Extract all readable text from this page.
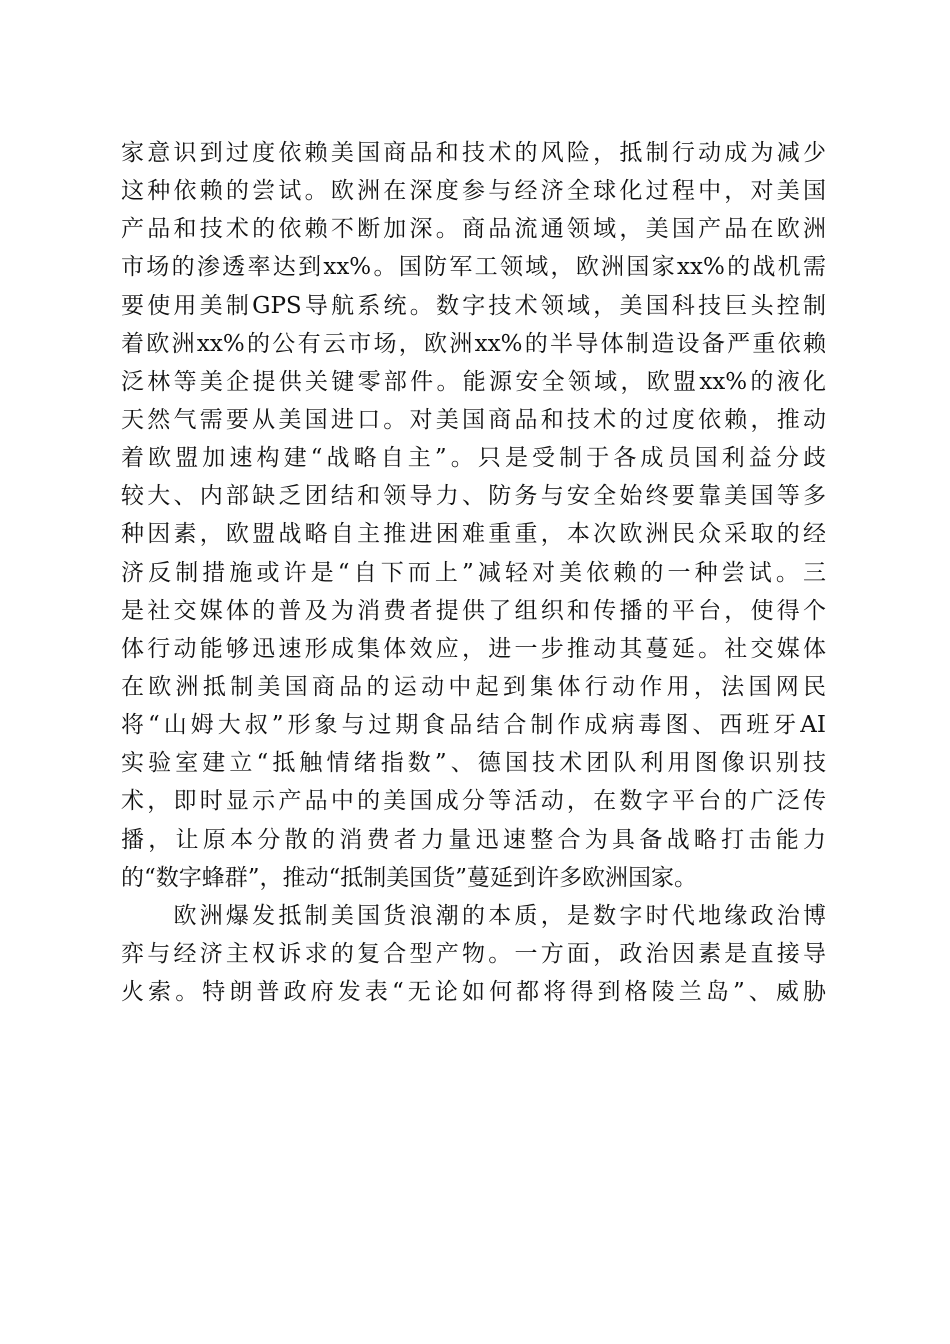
家意识到过度依赖美国商品和技术的风险，抵制行动成为减少
这种依赖的尝试。欧洲在深度参与经济全球化过程中，对美国
产品和技术的依赖不断加深。商品流通领域，美国产品在欧洲
市场的渗透率达到xx%。国防军工领域，欧洲国家xx%的战机需
要使用美制GPS导航系统。数字技术领域，美国科技巨头控制
着欧洲xx%的公有云市场，欧洲xx%的半导体制造设备严重依赖
泛林等美企提供关键零部件。能源安全领域，欧盟xx%的液化
天然气需要从美国进口。对美国商品和技术的过度依赖，推动
着欧盟加速构建“战略自主”。只是受制于各成员国利益分歧
较大、内部缺乏团结和领导力、防务与安全始终要靠美国等多
种因素，欧盟战略自主推进困难重重，本次欧洲民众采取的经
济反制措施或许是“自下而上”减轻对美依赖的一种尝试。三
是社交媒体的普及为消费者提供了组织和传播的平台，使得个
体行动能够迅速形成集体效应，进一步推动其蔓延。社交媒体
在欧洲抵制美国商品的运动中起到集体行动作用，法国网民
将“山姆大叔”形象与过期食品结合制作成病毒图、西班牙AI
实验室建立“抵触情绪指数”、德国技术团队利用图像识别技
术，即时显示产品中的美国成分等活动，在数字平台的广泛传
播，让原本分散的消费者力量迅速整合为具备战略打击能力
的“数字蜂群”，推动“抵制美国货”蔓延到许多欧洲国家。
　　欧洲爆发抵制美国货浪潮的本质，是数字时代地缘政治博
弈与经济主权诉求的复合型产物。一方面，政治因素是直接导
火索。特朗普政府发表“无论如何都将得到格陵兰岛”、威胁
